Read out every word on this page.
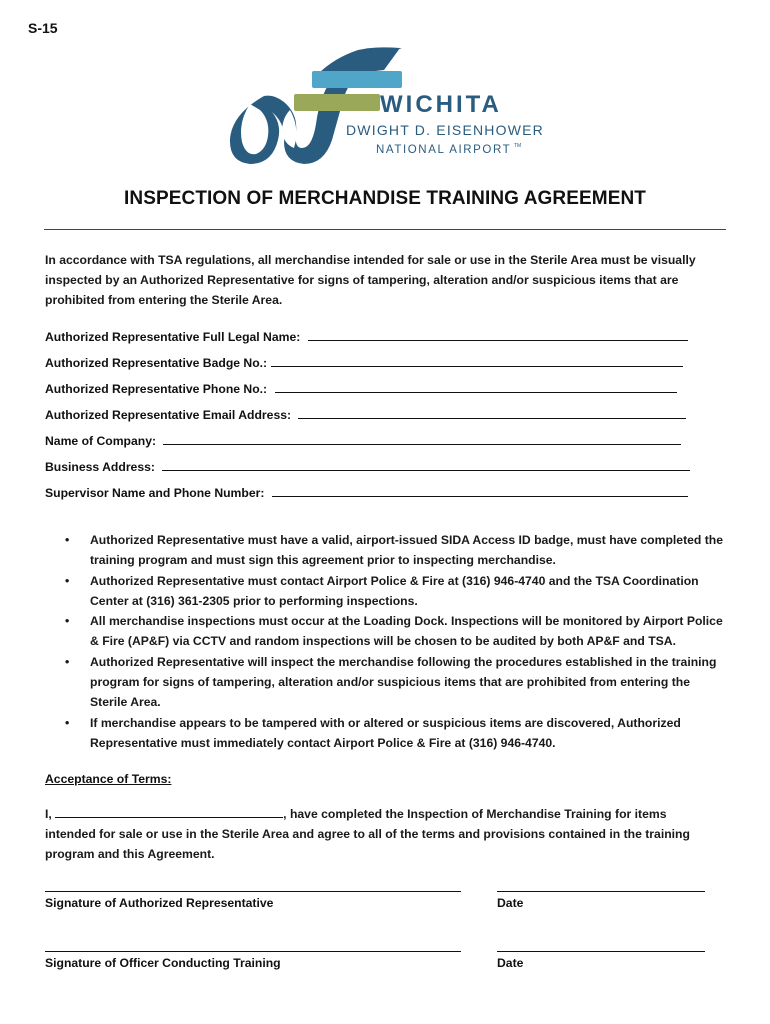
S-15
WICHITA
DWIGHT D. EISENHOWER
NATIONAL AIRPORT TM
INSPECTION OF MERCHANDISE TRAINING AGREEMENT
In accordance with TSA regulations, all merchandise intended for sale or use in the Sterile Area must be visually inspected by an Authorized Representative for signs of tampering, alteration and/or suspicious items that are prohibited from entering the Sterile Area.
Authorized Representative Full Legal Name:
Authorized Representative Badge No.:
Authorized Representative Phone No.:
Authorized Representative Email Address:
Name of Company:
Business Address:
Supervisor Name and Phone Number:
• Authorized Representative must have a valid, airport-issued SIDA Access ID badge, must have completed the training program and must sign this agreement prior to inspecting merchandise.
• Authorized Representative must contact Airport Police & Fire at (316) 946-4740 and the TSA Coordination Center at (316) 361-2305 prior to performing inspections.
• All merchandise inspections must occur at the Loading Dock. Inspections will be monitored by Airport Police & Fire (AP&F) via CCTV and random inspections will be chosen to be audited by both AP&F and TSA.
• Authorized Representative will inspect the merchandise following the procedures established in the training program for signs of tampering, alteration and/or suspicious items that are prohibited from entering the Sterile Area.
• If merchandise appears to be tampered with or altered or suspicious items are discovered, Authorized Representative must immediately contact Airport Police & Fire at (316) 946-4740.
Acceptance of Terms:
I,	, have completed the Inspection of Merchandise Training for items intended for sale or use in the Sterile Area and agree to all of the terms and provisions contained in the training program and this Agreement.
Signature of Authorized Representative	Date
Signature of Officer Conducting Training	Date
